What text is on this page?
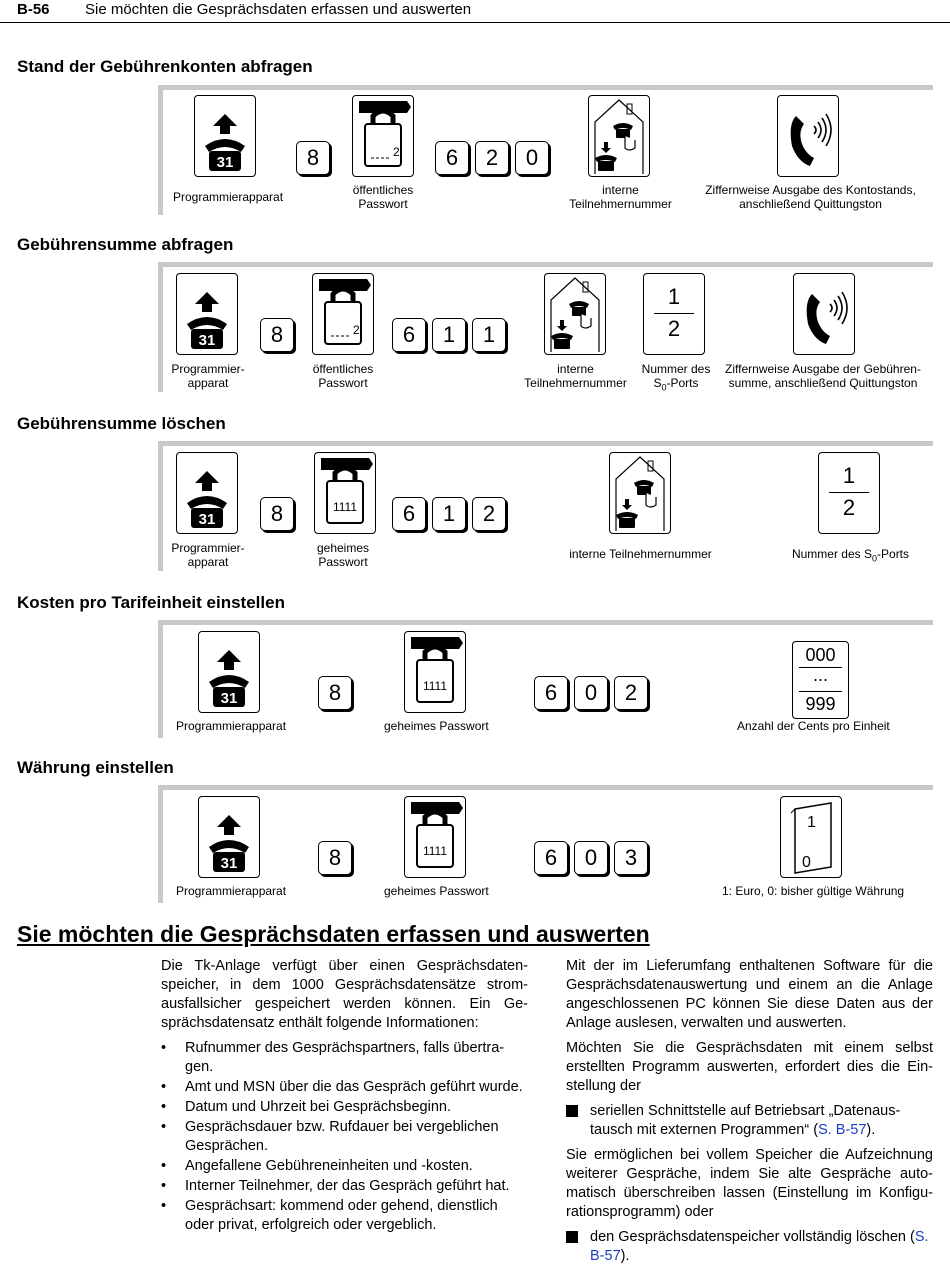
B-56 Sie möchten die Gesprächsdaten erfassen und auswerten
Stand der Gebührenkonten abfragen
8	2	6	2	0
Programmierapparat	öffentliches
Passwort
interne
Teilnehmernummer
Ziffernweise Ausgabe des Kontostands,
anschließend Quittungston
Gebührensumme abfragen
8	2	6	1	1
1
2
Programmier-
apparat
öffentliches
Passwort
interne
Teilnehmernummer
Nummer des
$S_0$-Ports
Ziffernweise Ausgabe der Gebühren-
summe, anschließend Quittungston
Gebührensumme löschen
8	1111	6	1	2
1
2
Programmier-
apparat
geheimes
Passwort
interne Teilnehmernummer	Nummer des $S_0$-Ports
Kosten pro Tarifeinheit einstellen
8	1111	6	0	2
000
...
999
Programmierapparat	geheimes Passwort	Anzahl der Cents pro Einheit
Währung einstellen
8	1111	6	0	3
1
0
Programmierapparat	geheimes Passwort	1: Euro, 0: bisher gültige Währung
Sie möchten die Gesprächsdaten erfassen und auswerten

Die Tk-Anlage verfügt über einen Gesprächsdaten-speicher, in dem 1000 Gesprächsdatensätze strom-ausfallsicher gespeichert werden können. Ein Ge-sprächsdatensatz enthält folgende Informationen:

•	Rufnummer des Gesprächspartners, falls übertra-gen.
•	Amt und MSN über die das Gespräch geführt wurde.
•	Datum und Uhrzeit bei Gesprächsbeginn.
•	Gesprächsdauer bzw. Rufdauer bei vergeblichen Gesprächen.
•	Angefallene Gebühreneinheiten und -kosten.
•	Interner Teilnehmer, der das Gespräch geführt hat.
•	Gesprächsart: kommend oder gehend, dienstlich oder privat, erfolgreich oder vergeblich.

Mit der im Lieferumfang enthaltenen Software für die Gesprächsdatenauswertung und einem an die Anlage angeschlossenen PC können Sie diese Daten aus der Anlage auslesen, verwalten und auswerten.

Möchten Sie die Gesprächsdaten mit einem selbst erstellten Programm auswerten, erfordert dies die Ein-stellung der

seriellen Schnittstelle auf Betriebsart „Datenaus-tausch mit externen Programmen“ (S. B-57).

Sie ermöglichen bei vollem Speicher die Aufzeichnung weiterer Gespräche, indem Sie alte Gespräche auto-matisch überschreiben lassen (Einstellung im Konfigu-rationsprogramm) oder

den Gesprächsdatenspeicher vollständig löschen (S. B-57).
